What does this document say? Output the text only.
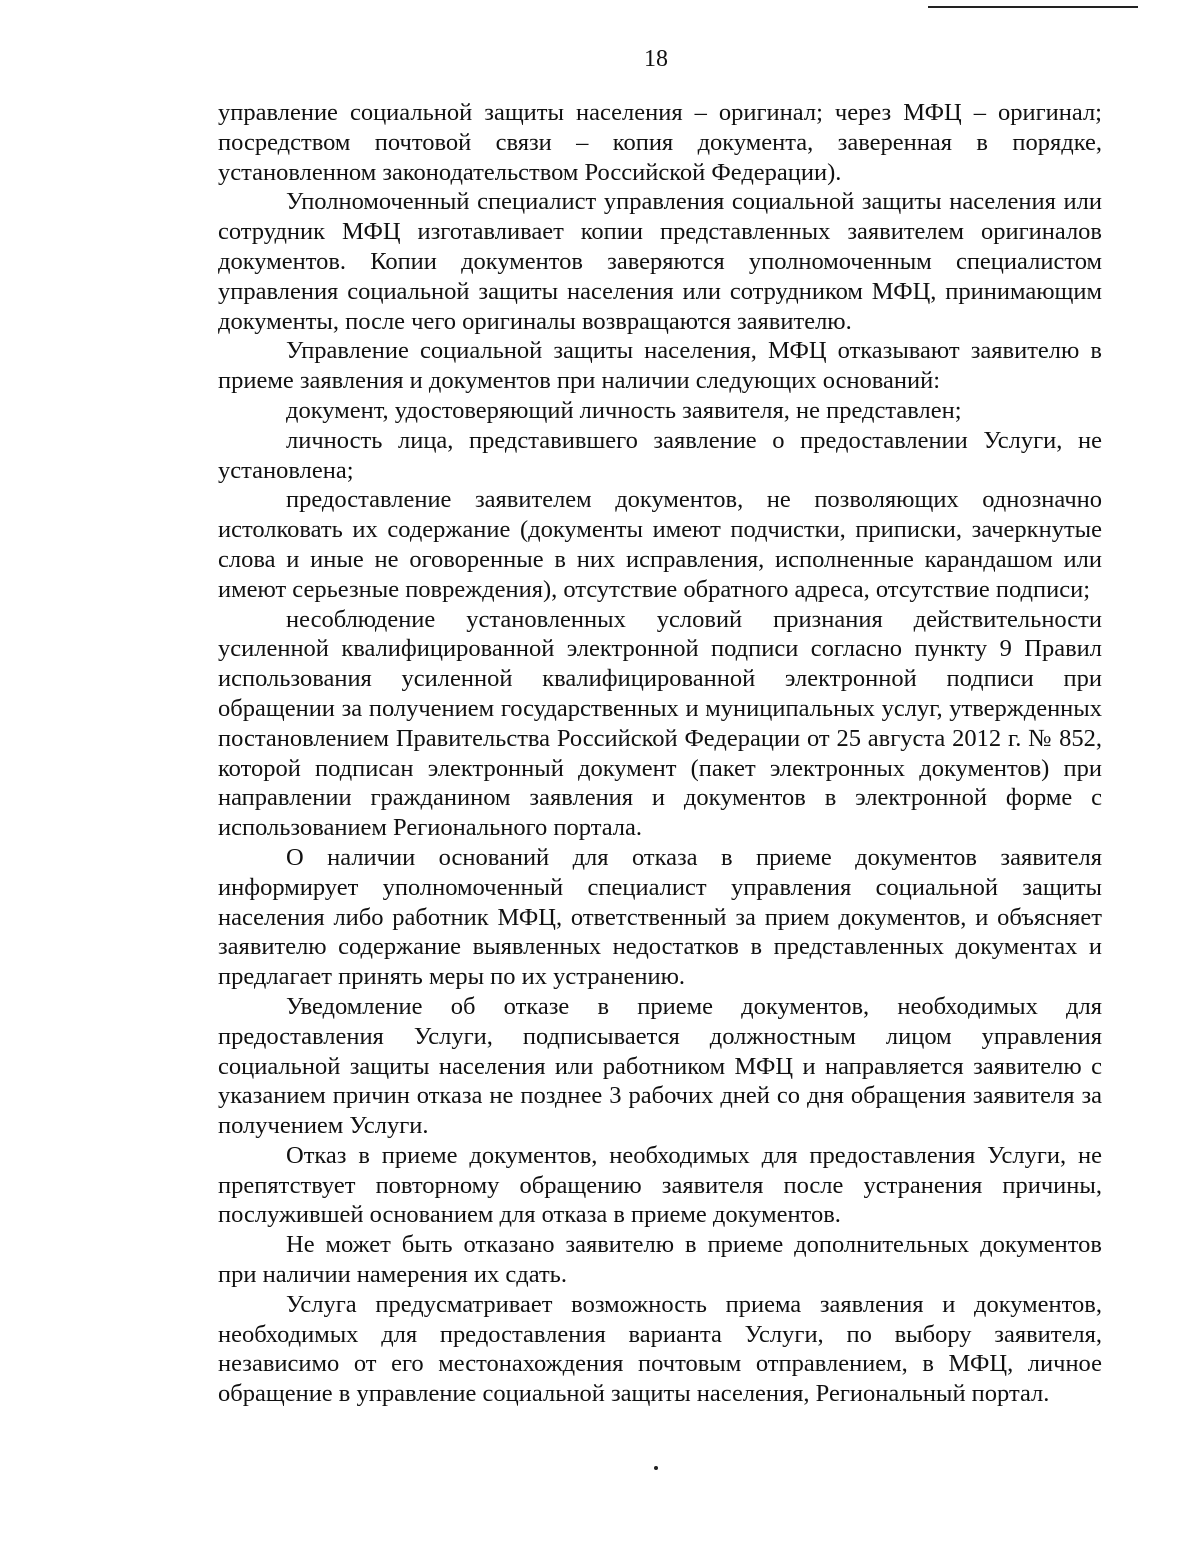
18

управление социальной защиты населения – оригинал; через МФЦ – оригинал; посредством почтовой связи – копия документа, заверенная в порядке, установленном законодательством Российской Федерации).

Уполномоченный специалист управления социальной защиты населения или сотрудник МФЦ изготавливает копии представленных заявителем оригиналов документов. Копии документов заверяются уполномоченным специалистом управления социальной защиты населения или сотрудником МФЦ, принимающим документы, после чего оригиналы возвращаются заявителю.

Управление социальной защиты населения, МФЦ отказывают заявителю в приеме заявления и документов при наличии следующих оснований:

документ, удостоверяющий личность заявителя, не представлен;

личность лица, представившего заявление о предоставлении Услуги, не установлена;

предоставление заявителем документов, не позволяющих однозначно истолковать их содержание (документы имеют подчистки, приписки, зачеркнутые слова и иные не оговоренные в них исправления, исполненные карандашом или имеют серьезные повреждения), отсутствие обратного адреса, отсутствие подписи;

несоблюдение установленных условий признания действительности усиленной квалифицированной электронной подписи согласно пункту 9 Правил использования усиленной квалифицированной электронной подписи при обращении за получением государственных и муниципальных услуг, утвержденных постановлением Правительства Российской Федерации от 25 августа 2012 г. № 852, которой подписан электронный документ (пакет электронных документов) при направлении гражданином заявления и документов в электронной форме с использованием Регионального портала.

О наличии оснований для отказа в приеме документов заявителя информирует уполномоченный специалист управления социальной защиты населения либо работник МФЦ, ответственный за прием документов, и объясняет заявителю содержание выявленных недостатков в представленных документах и предлагает принять меры по их устранению.

Уведомление об отказе в приеме документов, необходимых для предоставления Услуги, подписывается должностным лицом управления социальной защиты населения или работником МФЦ и направляется заявителю с указанием причин отказа не позднее 3 рабочих дней со дня обращения заявителя за получением Услуги.

Отказ в приеме документов, необходимых для предоставления Услуги, не препятствует повторному обращению заявителя после устранения причины, послужившей основанием для отказа в приеме документов.

Не может быть отказано заявителю в приеме дополнительных документов при наличии намерения их сдать.

Услуга предусматривает возможность приема заявления и документов, необходимых для предоставления варианта Услуги, по выбору заявителя, независимо от его местонахождения почтовым отправлением, в МФЦ, личное обращение в управление социальной защиты населения, Региональный портал.
